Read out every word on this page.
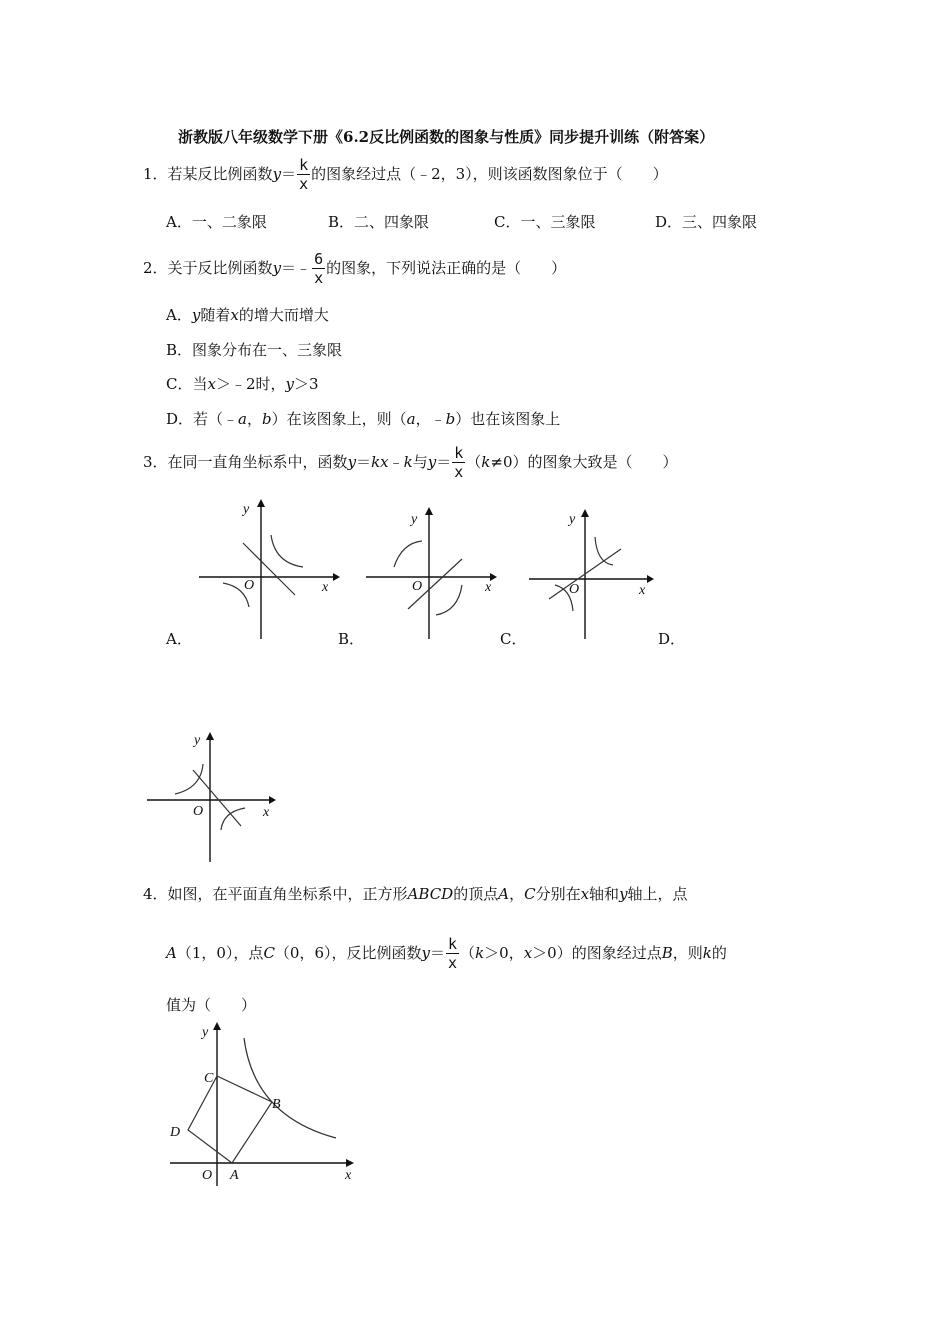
浙教版八年级数学下册《6.2反比例函数的图象与性质》同步提升训练（附答案）
1．若某反比例函数$y= \frac{k}{x}$ 的图象经过点（﹣2，3），则该函数图象位于（　　）
A．一、二象限	B．二、四象限	C．一、三象限	D．三、四象限
2．关于反比例函数y＝﹣ $\frac{6}{x}$ 的图象，下列说法正确的是（　　）
A．y随着x的增大而增大
B．图象分布在一、三象限
C．当x＞﹣2时，y＞3
D．若（﹣a，b）在该图象上，则（a，﹣b）也在该图象上
3．在同一直角坐标系中，函数y＝kx﹣k与$y= \frac{k}{x} (k\ne 0)$的图象大致是（　　）
x
y
O	x
y
O	x
y
O
A．	B．	C．	D．
x
y
O
4．如图，在平面直角坐标系中，正方形ABCD的顶点A，C分别在x轴和y轴上，点
A（1，0），点C（0，6），反比例函数$y= \frac{k}{x} (k>0$，x＞0）的图象经过点B，则k的
值为（　　）
x
y
O
C
B
D
A
